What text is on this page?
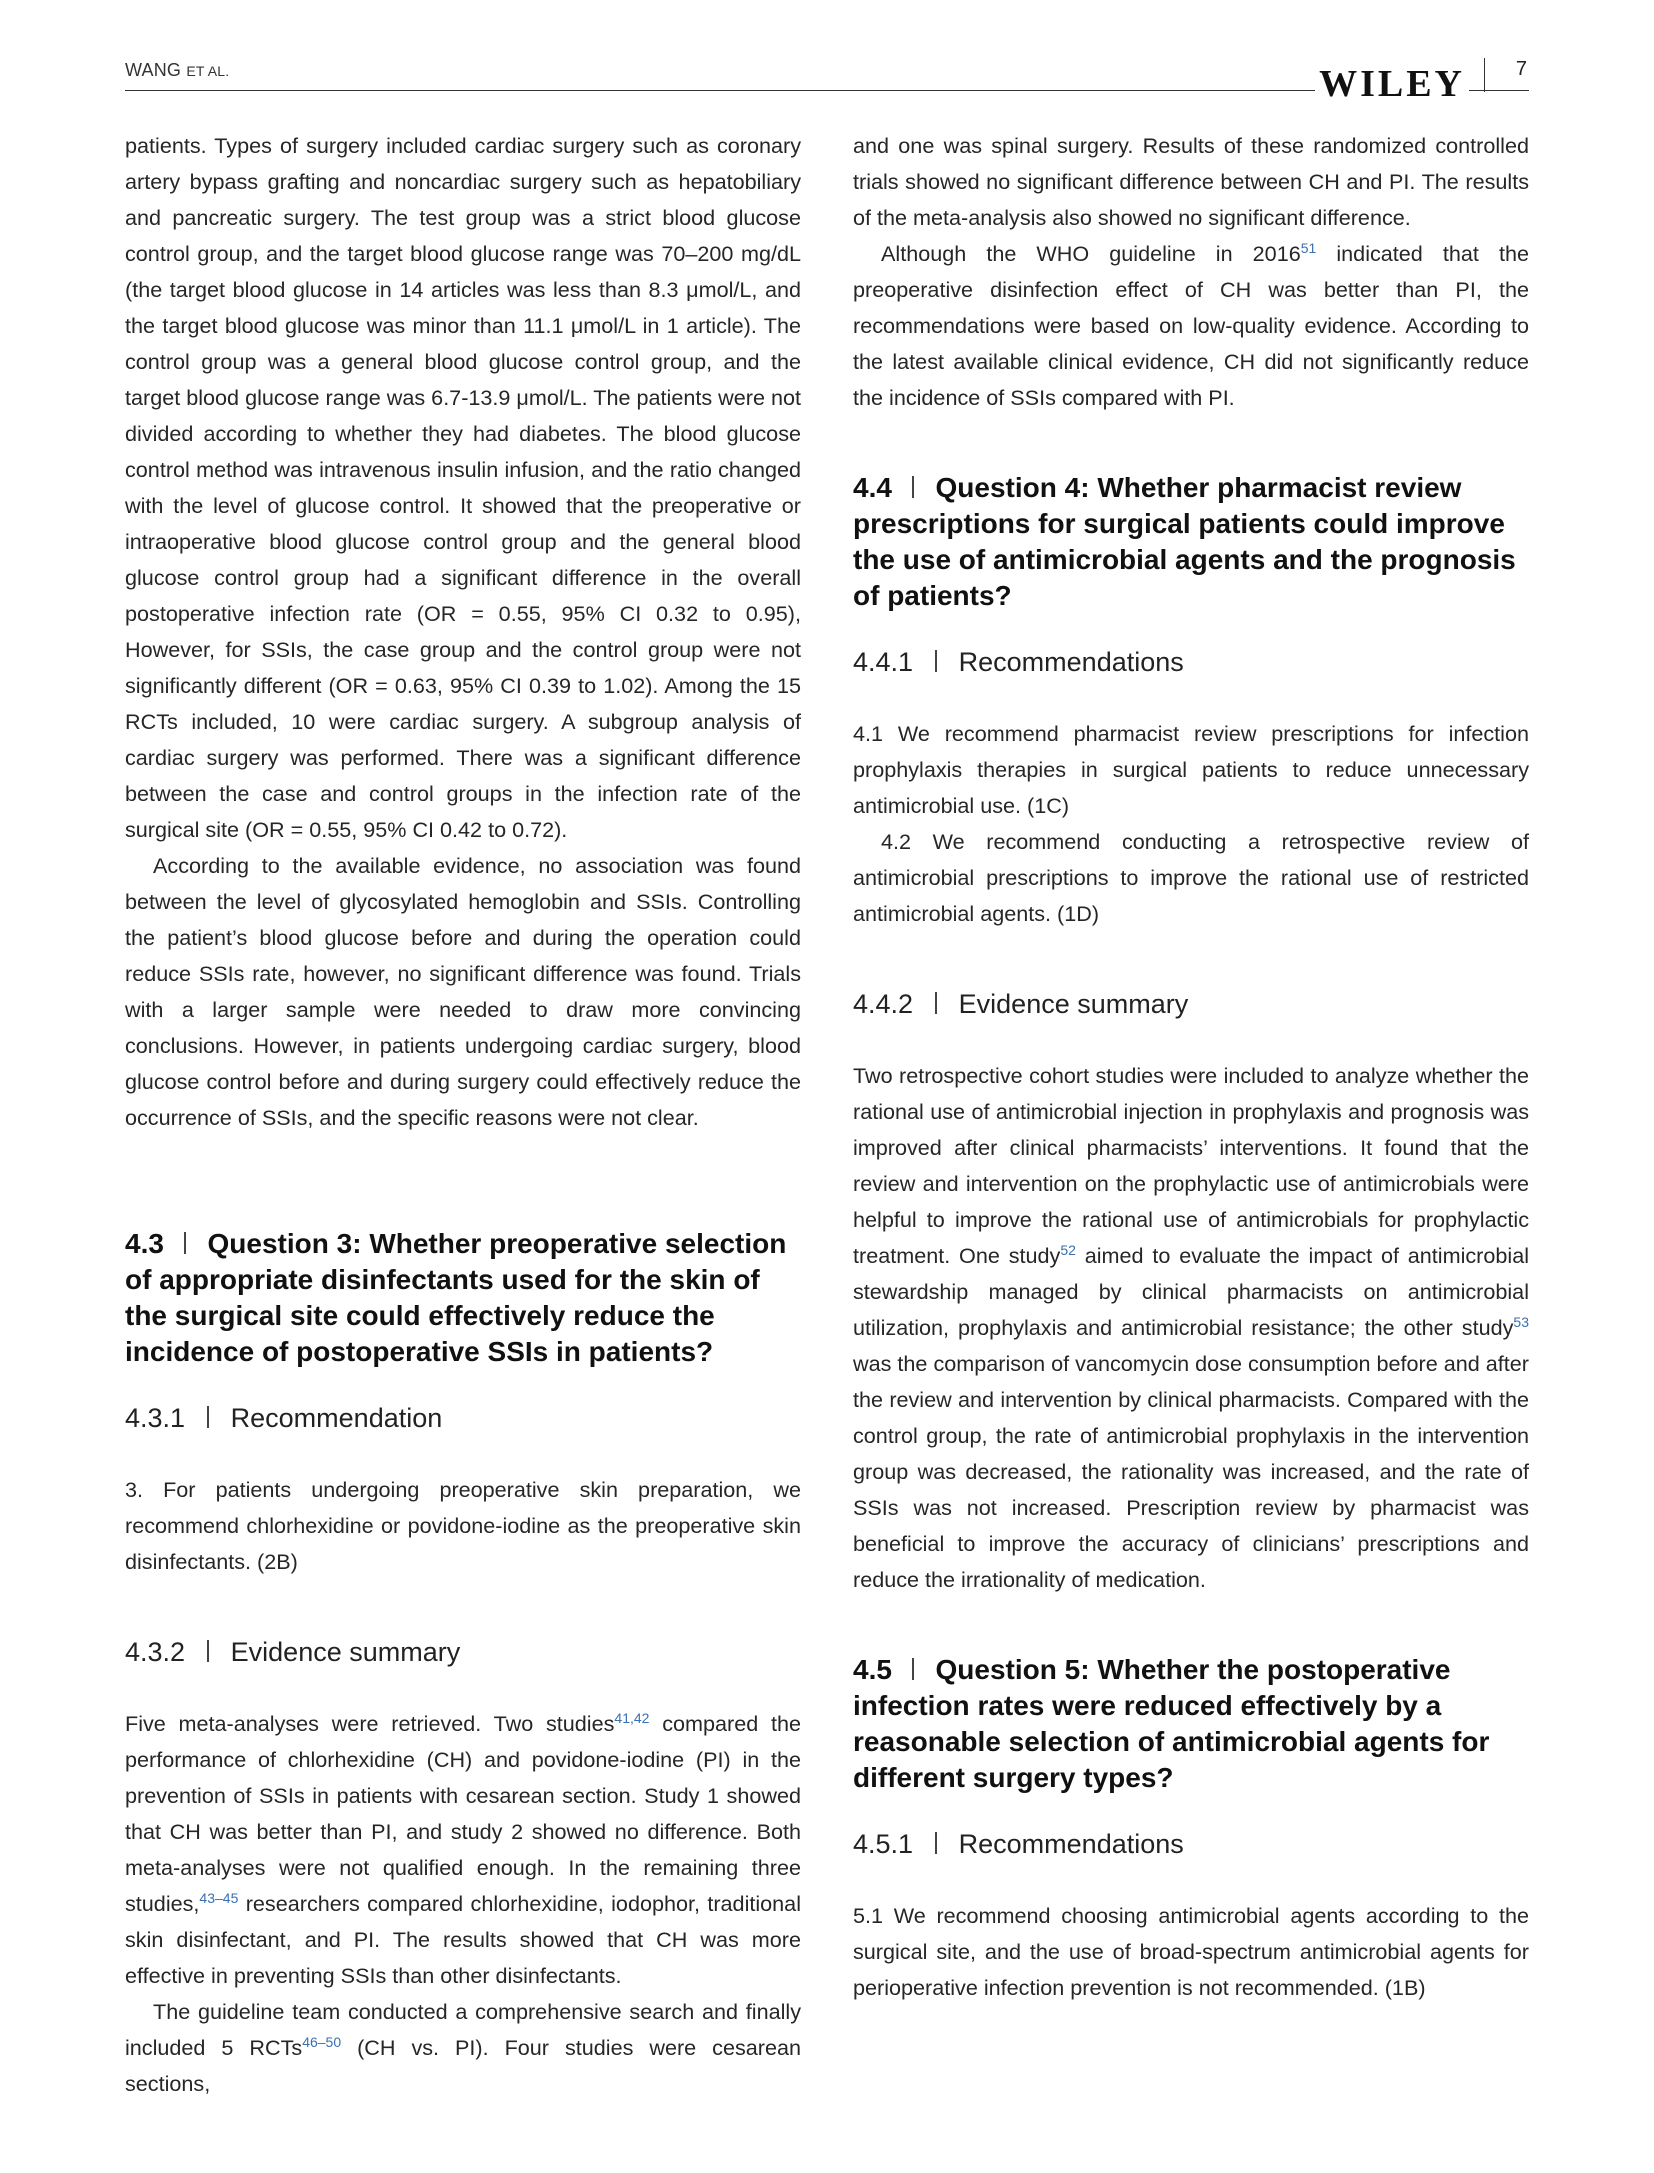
WANG ET AL.	WILEY	7

patients. Types of surgery included cardiac surgery such as coronary artery bypass grafting and noncardiac surgery such as hepatobiliary and pancreatic surgery. The test group was a strict blood glucose control group, and the target blood glucose range was 70–200 mg/dL (the target blood glucose in 14 articles was less than 8.3 μmol/L, and the target blood glucose was minor than 11.1 μmol/L in 1 article). The control group was a general blood glucose control group, and the target blood glucose range was 6.7-13.9 μmol/L. The patients were not divided according to whether they had diabetes. The blood glucose control method was intravenous insulin infusion, and the ratio changed with the level of glucose control. It showed that the preoperative or intraoperative blood glucose control group and the general blood glucose control group had a significant difference in the overall postoperative infection rate (OR = 0.55, 95% CI 0.32 to 0.95), However, for SSIs, the case group and the control group were not significantly different (OR = 0.63, 95% CI 0.39 to 1.02). Among the 15 RCTs included, 10 were cardiac surgery. A subgroup analysis of cardiac surgery was performed. There was a significant difference between the case and control groups in the infection rate of the surgical site (OR = 0.55, 95% CI 0.42 to 0.72).

According to the available evidence, no association was found between the level of glycosylated hemoglobin and SSIs. Controlling the patient’s blood glucose before and during the operation could reduce SSIs rate, however, no significant difference was found. Trials with a larger sample were needed to draw more convincing conclusions. However, in patients undergoing cardiac surgery, blood glucose control before and during surgery could effectively reduce the occurrence of SSIs, and the specific reasons were not clear.

4.3 Question 3: Whether preoperative selection of appropriate disinfectants used for the skin of the surgical site could effectively reduce the incidence of postoperative SSIs in patients?
4.3.1 Recommendation

3. For patients undergoing preoperative skin preparation, we recommend chlorhexidine or povidone-iodine as the preoperative skin disinfectants. (2B)

4.3.2 Evidence summary

Five meta-analyses were retrieved. Two studies$^{41,42}$ compared the performance of chlorhexidine (CH) and povidone-iodine (PI) in the prevention of SSIs in patients with cesarean section. Study 1 showed that CH was better than PI, and study 2 showed no difference. Both meta-analyses were not qualified enough. In the remaining three studies,$^{43-45}$ researchers compared chlorhexidine, iodophor, traditional skin disinfectant, and PI. The results showed that CH was more effective in preventing SSIs than other disinfectants.

The guideline team conducted a comprehensive search and finally included 5 RCTs$^{46-50}$ (CH vs. PI). Four studies were cesarean sections,

and one was spinal surgery. Results of these randomized controlled trials showed no significant difference between CH and PI. The results of the meta-analysis also showed no significant difference.

Although the WHO guideline in 2016$^{51}$ indicated that the preoperative disinfection effect of CH was better than PI, the recommendations were based on low-quality evidence. According to the latest available clinical evidence, CH did not significantly reduce the incidence of SSIs compared with PI.

4.4 Question 4: Whether pharmacist review prescriptions for surgical patients could improve the use of antimicrobial agents and the prognosis of patients?
4.4.1 Recommendations

4.1 We recommend pharmacist review prescriptions for infection prophylaxis therapies in surgical patients to reduce unnecessary antimicrobial use. (1C)

4.2 We recommend conducting a retrospective review of antimicrobial prescriptions to improve the rational use of restricted antimicrobial agents. (1D)

4.4.2 Evidence summary

Two retrospective cohort studies were included to analyze whether the rational use of antimicrobial injection in prophylaxis and prognosis was improved after clinical pharmacists’ interventions. It found that the review and intervention on the prophylactic use of antimicrobials were helpful to improve the rational use of antimicrobials for prophylactic treatment. One study$^{52}$ aimed to evaluate the impact of antimicrobial stewardship managed by clinical pharmacists on antimicrobial utilization, prophylaxis and antimicrobial resistance; the other study$^{53}$ was the comparison of vancomycin dose consumption before and after the review and intervention by clinical pharmacists. Compared with the control group, the rate of antimicrobial prophylaxis in the intervention group was decreased, the rationality was increased, and the rate of SSIs was not increased. Prescription review by pharmacist was beneficial to improve the accuracy of clinicians’ prescriptions and reduce the irrationality of medication.

4.5 Question 5: Whether the postoperative infection rates were reduced effectively by a reasonable selection of antimicrobial agents for different surgery types?
4.5.1 Recommendations

5.1 We recommend choosing antimicrobial agents according to the surgical site, and the use of broad-spectrum antimicrobial agents for perioperative infection prevention is not recommended. (1B)
